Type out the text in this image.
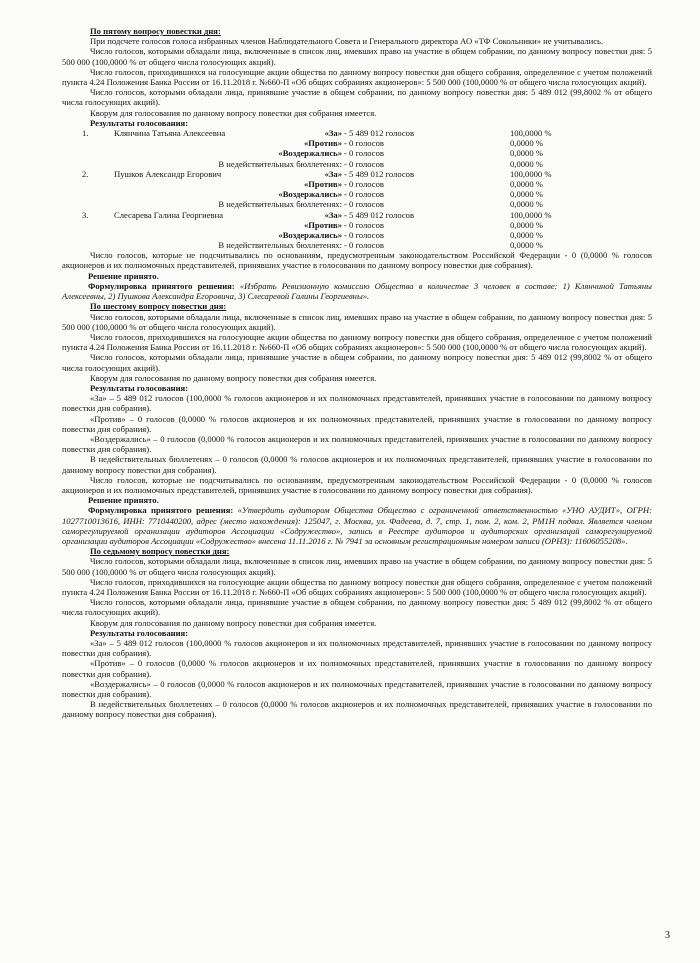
По пятому вопросу повестки дня:

При подсчете голосов голоса избранных членов Наблюдательного Совета и Генерального директора АО «ТФ Сокольники» не учитывались.

Число голосов, которыми обладали лица, включенные в список лиц, имевших право на участие в общем собрании, по данному вопросу повестки дня: 5 500 000 (100,0000 % от общего числа голосующих акций).

Число голосов, приходившихся на голосующие акции общества по данному вопросу повестки дня общего собрания, определенное с учетом положений пункта 4.24 Положения Банка России от 16.11.2018 г. №660-П «Об общих собраниях акционеров»: 5 500 000 (100,0000 % от общего числа голосующих акций).

Число голосов, которыми обладали лица, принявшие участие в общем собрании, по данному вопросу повестки дня: 5 489 012 (99,8002 % от общего числа голосующих акций).

Кворум для голосования по данному вопросу повестки дня собрания имеется.

Результаты голосования:

1.	Клянчина Татьяна Алексеевна	«За» - 5 489 012 голосов	100,0000 %
«Против» - 0 голосов	0,0000 %
«Воздержались» - 0 голосов	0,0000 %
В недействительных бюллетенях: - 0 голосов	0,0000 %
2.	Пушков Александр Егорович	«За» - 5 489 012 голосов	100,0000 %
«Против» - 0 голосов	0,0000 %
«Воздержались» - 0 голосов	0,0000 %
В недействительных бюллетенях: - 0 голосов	0,0000 %
3.	Слесарева Галина Георгиевна	«За» - 5 489 012 голосов	100,0000 %
«Против» - 0 голосов	0,0000 %
«Воздержались» - 0 голосов	0,0000 %
В недействительных бюллетенях: - 0 голосов	0,0000 %

Число голосов, которые не подсчитывались по основаниям, предусмотренным законодательством Российской Федерации - 0 (0,0000 % голосов акционеров и их полномочных представителей, принявших участие в голосовании по данному вопросу повестки дня собрания).

Решение принято.

Формулировка принятого решения: «Избрать Ревизионную комиссию Общества в количестве 3 человек в составе: 1) Клянчиной Татьяны Алексеевны, 2) Пушкова Александра Егоровича, 3) Слесаревой Галины Георгиевны».

По шестому вопросу повестки дня:

Число голосов, которыми обладали лица, включенные в список лиц, имевших право на участие в общем собрании, по данному вопросу повестки дня: 5 500 000 (100,0000 % от общего числа голосующих акций).

Число голосов, приходившихся на голосующие акции общества по данному вопросу повестки дня общего собрания, определенное с учетом положений пункта 4.24 Положения Банка России от 16.11.2018 г. №660-П «Об общих собраниях акционеров»: 5 500 000 (100,0000 % от общего числа голосующих акций).

Число голосов, которыми обладали лица, принявшие участие в общем собрании, по данному вопросу повестки дня: 5 489 012 (99,8002 % от общего числа голосующих акций).

Кворум для голосования по данному вопросу повестки дня собрания имеется.

Результаты голосования:

«За» – 5 489 012 голосов (100,0000 % голосов акционеров и их полномочных представителей, принявших участие в голосовании по данному вопросу повестки дня собрания).

«Против» – 0 голосов (0,0000 % голосов акционеров и их полномочных представителей, принявших участие в голосовании по данному вопросу повестки дня собрания).

«Воздержались» – 0 голосов (0,0000 % голосов акционеров и их полномочных представителей, принявших участие в голосовании по данному вопросу повестки дня собрания).

В недействительных бюллетенях – 0 голосов (0,0000 % голосов акционеров и их полномочных представителей, принявших участие в голосовании по данному вопросу повестки дня собрания).

Число голосов, которые не подсчитывались по основаниям, предусмотренным законодательством Российской Федерации - 0 (0,0000 % голосов акционеров и их полномочных представителей, принявших участие в голосовании по данному вопросу повестки дня собрания).

Решение принято.

Формулировка принятого решения: «Утвердить аудитором Общества Общество с ограниченной ответственностью «УНО АУДИТ», ОГРН: 1027710013616, ИНН: 7710440200, адрес (место нахождения): 125047, г. Москва, ул. Фадеева, д. 7, стр. 1, пом. 2, ком. 2, РМ1Н подвал. Является членом саморегулируемой организации аудиторов Ассоциации «Содружество», запись в Реестре аудиторов и аудиторских организаций саморегулируемой организации аудиторов Ассоциации «Содружество» внесена 11.11.2016 г. № 7941 за основным регистрационным номером записи (ОРНЗ): 11606055208».

По седьмому вопросу повестки дня:

Число голосов, которыми обладали лица, включенные в список лиц, имевших право на участие в общем собрании, по данному вопросу повестки дня: 5 500 000 (100,0000 % от общего числа голосующих акций).

Число голосов, приходившихся на голосующие акции общества по данному вопросу повестки дня общего собрания, определенное с учетом положений пункта 4.24 Положения Банка России от 16.11.2018 г. №660-П «Об общих собраниях акционеров»: 5 500 000 (100,0000 % от общего числа голосующих акций).

Число голосов, которыми обладали лица, принявшие участие в общем собрании, по данному вопросу повестки дня: 5 489 012 (99,8002 % от общего числа голосующих акций).

Кворум для голосования по данному вопросу повестки дня собрания имеется.

Результаты голосования:

«За» – 5 489 012 голосов (100,0000 % голосов акционеров и их полномочных представителей, принявших участие в голосовании по данному вопросу повестки дня собрания).

«Против» – 0 голосов (0,0000 % голосов акционеров и их полномочных представителей, принявших участие в голосовании по данному вопросу повестки дня собрания).

«Воздержались» – 0 голосов (0,0000 % голосов акционеров и их полномочных представителей, принявших участие в голосовании по данному вопросу повестки дня собрания).

В недействительных бюллетенях – 0 голосов (0,0000 % голосов акционеров и их полномочных представителей, принявших участие в голосовании по данному вопросу повестки дня собрания).

3
